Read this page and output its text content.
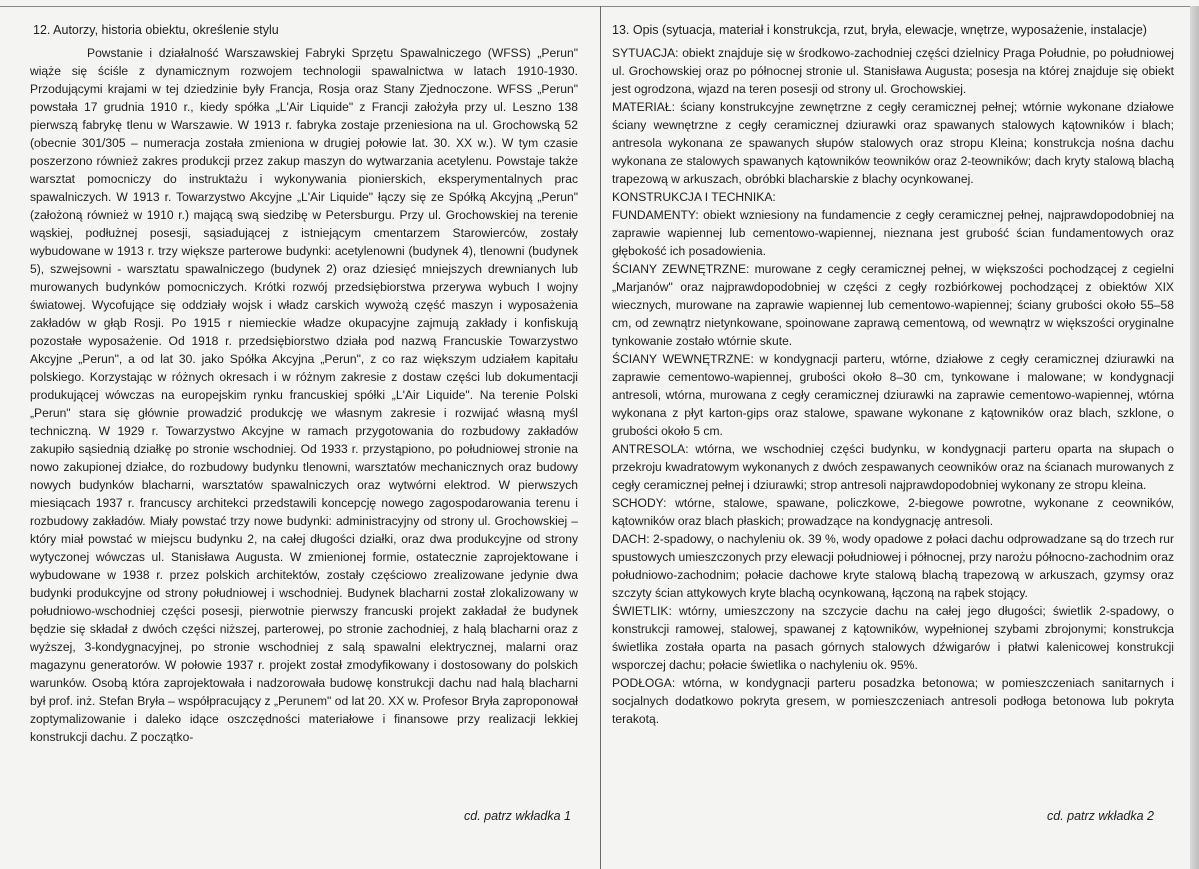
12. Autorzy, historia obiektu, określenie stylu

Powstanie i działalność Warszawskiej Fabryki Sprzętu Spawalniczego (WFSS) „Perun" wiąże się ściśle z dynamicznym rozwojem technologii spawalnictwa w latach 1910-1930. Przodującymi krajami w tej dziedzinie były Francja, Rosja oraz Stany Zjednoczone. WFSS „Perun" powstała 17 grudnia 1910 r., kiedy spółka „L'Air Liquide" z Francji założyła przy ul. Leszno 138 pierwszą fabrykę tlenu w Warszawie. W 1913 r. fabryka zostaje przeniesiona na ul. Grochowską 52 (obecnie 301/305 – numeracja została zmieniona w drugiej połowie lat. 30. XX w.). W tym czasie poszerzono również zakres produkcji przez zakup maszyn do wytwarzania acetylenu. Powstaje także warsztat pomocniczy do instruktażu i wykonywania pionierskich, eksperymentalnych prac spawalniczych. W 1913 r. Towarzystwo Akcyjne „L'Air Liquide" łączy się ze Spółką Akcyjną „Perun" (założoną również w 1910 r.) mającą swą siedzibę w Petersburgu. Przy ul. Grochowskiej na terenie wąskiej, podłużnej posesji, sąsiadującej z istniejącym cmentarzem Starowierców, zostały wybudowane w 1913 r. trzy większe parterowe budynki: acetylenowni (budynek 4), tlenowni (budynek 5), szwejsowni - warsztatu spawalniczego (budynek 2) oraz dziesięć mniejszych drewnianych lub murowanych budynków pomocniczych. Krótki rozwój przedsiębiorstwa przerywa wybuch I wojny światowej. Wycofujące się oddziały wojsk i władz carskich wywożą część maszyn i wyposażenia zakładów w głąb Rosji. Po 1915 r niemieckie władze okupacyjne zajmują zakłady i konfiskują pozostałe wyposażenie. Od 1918 r. przedsiębiorstwo działa pod nazwą Francuskie Towarzystwo Akcyjne „Perun", a od lat 30. jako Spółka Akcyjna „Perun", z co raz większym udziałem kapitału polskiego. Korzystając w różnych okresach i w różnym zakresie z dostaw części lub dokumentacji produkującej wówczas na europejskim rynku francuskiej spółki „L'Air Liquide". Na terenie Polski „Perun" stara się głównie prowadzić produkcję we własnym zakresie i rozwijać własną myśl techniczną. W 1929 r. Towarzystwo Akcyjne w ramach przygotowania do rozbudowy zakładów zakupiło sąsiednią działkę po stronie wschodniej. Od 1933 r. przystąpiono, po południowej stronie na nowo zakupionej działce, do rozbudowy budynku tlenowni, warsztatów mechanicznych oraz budowy nowych budynków blacharni, warsztatów spawalniczych oraz wytwórni elektrod. W pierwszych miesiącach 1937 r. francuscy architekci przedstawili koncepcję nowego zagospodarowania terenu i rozbudowy zakładów. Miały powstać trzy nowe budynki: administracyjny od strony ul. Grochowskiej – który miał powstać w miejscu budynku 2, na całej długości działki, oraz dwa produkcyjne od strony wytyczonej wówczas ul. Stanisława Augusta. W zmienionej formie, ostatecznie zaprojektowane i wybudowane w 1938 r. przez polskich architektów, zostały częściowo zrealizowane jedynie dwa budynki produkcyjne od strony południowej i wschodniej. Budynek blacharni został zlokalizowany w południowo-wschodniej części posesji, pierwotnie pierwszy francuski projekt zakładał że budynek będzie się składał z dwóch części niższej, parterowej, po stronie zachodniej, z halą blacharni oraz z wyższej, 3-kondygnacyjnej, po stronie wschodniej z salą spawalni elektrycznej, malarni oraz magazynu generatorów. W połowie 1937 r. projekt został zmodyfikowany i dostosowany do polskich warunków. Osobą która zaprojektowała i nadzorowała budowę konstrukcji dachu nad halą blacharni był prof. inż. Stefan Bryła – współpracujący z „Perunem" od lat 20. XX w. Profesor Bryła zaproponował zoptymalizowanie i daleko idące oszczędności materiałowe i finansowe przy realizacji lekkiej konstrukcji dachu. Z początko-

cd. patrz wkładka 1
13. Opis (sytuacja, materiał i konstrukcja, rzut, bryła, elewacje, wnętrze, wyposażenie, instalacje)

SYTUACJA: obiekt znajduje się w środkowo-zachodniej części dzielnicy Praga Południe, po południowej ul. Grochowskiej oraz po północnej stronie ul. Stanisława Augusta; posesja na której znajduje się obiekt jest ogrodzona, wjazd na teren posesji od strony ul. Grochowskiej.

MATERIAŁ: ściany konstrukcyjne zewnętrzne z cegły ceramicznej pełnej; wtórnie wykonane działowe ściany wewnętrzne z cegły ceramicznej dziurawki oraz spawanych stalowych kątowników i blach; antresola wykonana ze spawanych słupów stalowych oraz stropu Kleina; konstrukcja nośna dachu wykonana ze stalowych spawanych kątowników teowników oraz 2-teowników; dach kryty stalową blachą trapezową w arkuszach, obróbki blacharskie z blachy ocynkowanej.

KONSTRUKCJA I TECHNIKA:

FUNDAMENTY: obiekt wzniesiony na fundamencie z cegły ceramicznej pełnej, najprawdopodobniej na zaprawie wapiennej lub cementowo-wapiennej, nieznana jest grubość ścian fundamentowych oraz głębokość ich posadowienia.

ŚCIANY ZEWNĘTRZNE: murowane z cegły ceramicznej pełnej, w większości pochodzącej z cegielni „Marjanów" oraz najprawdopodobniej w części z cegły rozbiórkowej pochodzącej z obiektów XIX wiecznych, murowane na zaprawie wapiennej lub cementowo-wapiennej; ściany grubości około 55–58 cm, od zewnątrz nietynkowane, spoinowane zaprawą cementową, od wewnątrz w większości oryginalne tynkowanie zostało wtórnie skute.

ŚCIANY WEWNĘTRZNE: w kondygnacji parteru, wtórne, działowe z cegły ceramicznej dziurawki na zaprawie cementowo-wapiennej, grubości około 8–30 cm, tynkowane i malowane; w kondygnacji antresoli, wtórna, murowana z cegły ceramicznej dziurawki na zaprawie cementowo-wapiennej, wtórna wykonana z płyt karton-gips oraz stalowe, spawane wykonane z kątowników oraz blach, szklone, o grubości około 5 cm.

ANTRESOLA: wtórna, we wschodniej części budynku, w kondygnacji parteru oparta na słupach o przekroju kwadratowym wykonanych z dwóch zespawanych ceowników oraz na ścianach murowanych z cegły ceramicznej pełnej i dziurawki; strop antresoli najprawdopodobniej wykonany ze stropu kleina.

SCHODY: wtórne, stalowe, spawane, policzkowe, 2-biegowe powrotne, wykonane z ceowników, kątowników oraz blach płaskich; prowadzące na kondygnację antresoli.

DACH: 2-spadowy, o nachyleniu ok. 39 %, wody opadowe z połaci dachu odprowadzane są do trzech rur spustowych umieszczonych przy elewacji południowej i północnej, przy narożu północno-zachodnim oraz południowo-zachodnim; połacie dachowe kryte stalową blachą trapezową w arkuszach, gzymsy oraz szczyty ścian attykowych kryte blachą ocynkowaną, łączoną na rąbek stojący.

ŚWIETLIK: wtórny, umieszczony na szczycie dachu na całej jego długości; świetlik 2-spadowy, o konstrukcji ramowej, stalowej, spawanej z kątowników, wypełnionej szybami zbrojonymi; konstrukcja świetlika została oparta na pasach górnych stalowych dźwigarów i płatwi kalenicowej konstrukcji wsporczej dachu; połacie świetlika o nachyleniu ok. 95%.

PODŁOGA: wtórna, w kondygnacji parteru posadzka betonowa; w pomieszczeniach sanitarnych i socjalnych dodatkowo pokryta gresem, w pomieszczeniach antresoli podłoga betonowa lub pokryta terakotą.

cd. patrz wkładka 2
